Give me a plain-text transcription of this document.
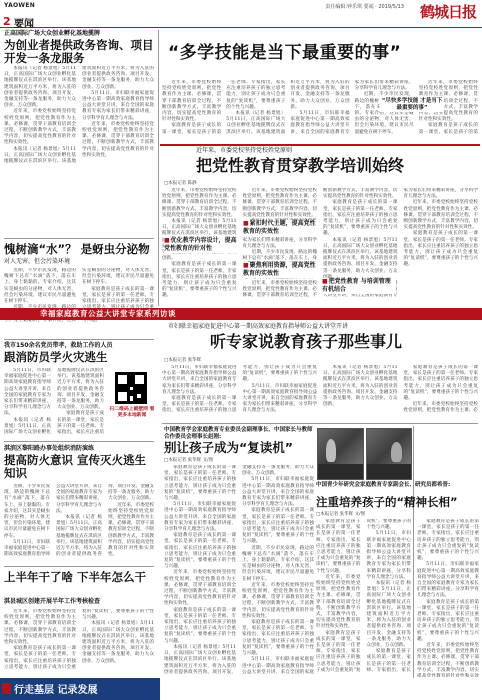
YAOWEN	责任编辑:钟乐琪 要闻 · 2019/5/13 鹤城日报
2 要闻
正高国际广场大众创业孵化基地揽牌
为创业者提供政务咨询、项目开发一条龙服务
本报讯（记者 杨景旭）5月11日，正高国际广场大众创业孵化基地揽牌仪式在淇滨区举行。该基地建筑面积近万平方米，将为入驻的创业者提供政务咨询、项目开发、金融支持等一条龙服务，助力大众创业、万众创新。
近年来，市委党校始终坚持党校姓党原则，把党性教育作为主课、必修课，贯穿干部教育培训全过程，不断创新教学方式，丰富教学内容，切实提高党性教育的针对性和实效性。
本报讯（记者 杨景旭）5月11日，正高国际广场大众创业孵化基地揽牌仪式在淇滨区举行。该基地建筑面积近万平方米，将为入驻的创业者提供政务咨询、项目开发、金融支持等一条龙服务，助力大众创业、万众创新。
5月11日，市妇联幸福家庭促进中心第一期高效家庭教育指导师公益大讲堂开讲，来自全国的家庭教育专家为家长们带来精彩讲座，分享科学育儿理念与方法。
近年来，市委党校始终坚持党校姓党原则，把党性教育作为主课、必修课，贯穿干部教育培训全过程，不断创新教学方式，丰富教学内容，切实提高党性教育的针对性和实效性。
愧树滴“水”？ 是蚜虫分泌物
对人无害，但会污染环境
近期，不少市民发现，路边的槐树下总有“水滴”落下，落在车上、身上黏黏的。专家介绍，这其实是蚜虫的分泌物，对人体无害，但会污染环境，建议市民尽量避免在树下停车。
近期，不少市民发现，路边的槐树下总有“水滴”落下，落在车上、身上黏黏的。专家介绍，这其实是蚜虫的分泌物，对人体无害，但会污染环境，建议市民尽量避免在树下停车。
家庭教育是孩子成长的第一课堂，家长是孩子的第一任老师。专家指出，家长应注重培养孩子的独立思考能力，别让孩子成为只会重复的“复读机”，要尊重孩子的个性与兴趣。
我市150余名党员带孝，救助工作的人员
跟消防员学火灾逃生
5月11日，市妇联幸福家庭促进中心第一期高效家庭教育指导师公益大讲堂开讲，来自全国的家庭教育专家为家长们带来精彩讲座，分享科学育儿理念与方法。
本报讯（记者 杨景旭）5月11日，正高国际广场大众创业孵化基地揽牌仪式在淇滨区举行。该基地建筑面积近万平方米，将为入驻的创业者提供政务咨询、项目开发、金融支持等一条龙服务，助力大众创业、万众创新。
家庭教育是孩子成长的第一课堂，家长是孩子的第一任老师。专家指出，家长应注重培养孩子的独立思考能力，别让孩子成为只会重复的“复读机”，要尊重孩子的个性与兴趣。
扫二维码上鹤壁网 看更多本地新闻
淇滨区黎阳路办事处组织消防演练
提高防火意识 宣传灭火逃生知识
近期，不少市民发现，路边的槐树下总有“水滴”落下，落在车上、身上黏黏的。专家介绍，这其实是蚜虫的分泌物，对人体无害，但会污染环境，建议市民尽量避免在树下停车。
5月11日，市妇联幸福家庭促进中心第一期高效家庭教育指导师公益大讲堂开讲，来自全国的家庭教育专家为家长们带来精彩讲座，分享科学育儿理念与方法。
本报讯（记者 杨景旭）5月11日，正高国际广场大众创业孵化基地揽牌仪式在淇滨区举行。该基地建筑面积近万平方米，将为入驻的创业者提供政务咨询、项目开发、金融支持等一条龙服务，助力大众创业、万众创新。
近年来，市委党校始终坚持党校姓党原则，把党性教育作为主课、必修课，贯穿干部教育培训全过程，不断创新教学方式，丰富教学内容，切实提高党性教育的针对性和实效性。
上半年干了啥 下半年怎么干
淇县城区创建开展半年工作考核检查
近年来，市委党校始终坚持党校姓党原则，把党性教育作为主课、必修课，贯穿干部教育培训全过程，不断创新教学方式，丰富教学内容，切实提高党性教育的针对性和实效性。
家庭教育是孩子成长的第一课堂，家长是孩子的第一任老师。专家指出，家长应注重培养孩子的独立思考能力，别让孩子成为只会重复的“复读机”，要尊重孩子的个性与兴趣。
本报讯（记者 杨景旭）5月11日，正高国际广场大众创业孵化基地揽牌仪式在淇滨区举行。该基地建筑面积近万平方米，将为入驻的创业者提供政务咨询、项目开发、金融支持等一条龙服务，助力大众创业、万众创新。
“多学技能是当下最重要的事”
近年来，市委党校始终坚持党校姓党原则，把党性教育作为主课、必修课，贯穿干部教育培训全过程，不断创新教学方式，丰富教学内容，切实提高党性教育的针对性和实效性。
家庭教育是孩子成长的第一课堂，家长是孩子的第一任老师。专家指出，家长应注重培养孩子的独立思考能力，别让孩子成为只会重复的“复读机”，要尊重孩子的个性与兴趣。
本报讯（记者 杨景旭）5月11日，正高国际广场大众创业孵化基地揽牌仪式在淇滨区举行。该基地建筑面积近万平方米，将为入驻的创业者提供政务咨询、项目开发、金融支持等一条龙服务，助力大众创业、万众创新。
5月11日，市妇联幸福家庭促进中心第一期高效家庭教育指导师公益大讲堂开讲，来自全国的家庭教育专家为家长们带来精彩讲座，分享科学育儿理念与方法。
近期，不少市民发现，路边的槐树下总有“水滴”落下，落在车上、身上黏黏的。专家介绍，这其实是蚜虫的分泌物，对人体无害，但会污染环境，建议市民尽量避免在树下停车。
近年来，市委党校始终坚持党校姓党原则，把党性教育作为主课、必修课，贯穿干部教育培训全过程，不断创新教学方式，丰富教学内容，切实提高党性教育的针对性和实效性。
家庭教育是孩子成长的第一课堂，家长是孩子的第一任老师。专家指出，家长应注重培养孩子的独立思考能力，别让孩子成为只会重复的“复读机”，要尊重孩子的个性与兴趣。
“尽快多学技能 才是当下最重要的事”
近年来，市委党校坚持党校姓党原则
把党性教育贯穿教学培训始终
□本报记者 陈静
近年来，市委党校始终坚持党校姓党原则，把党性教育作为主课、必修课，贯穿干部教育培训全过程，不断创新教学方式，丰富教学内容，切实提高党性教育的针对性和实效性。
本报讯（记者 杨景旭）5月11日，正高国际广场大众创业孵化基地揽牌仪式在淇滨区举行。该基地建筑面积近万平方米，将为入驻的创业者提供政务咨询、项目开发、金融支持等一条龙服务，助力大众创业、万众创新。
家庭教育是孩子成长的第一课堂，家长是孩子的第一任老师。专家指出，家长应注重培养孩子的独立思考能力，别让孩子成为只会重复的“复读机”，要尊重孩子的个性与兴趣。
近年来，市委党校始终坚持党校姓党原则，把党性教育作为主课、必修课，贯穿干部教育培训全过程，不断创新教学方式，丰富教学内容，切实提高党性教育的针对性和实效性。
5月11日，市妇联幸福家庭促进中心第一期高效家庭教育指导师公益大讲堂开讲，来自全国的家庭教育专家为家长们带来精彩讲座，分享科学育儿理念与方法。
近期，不少市民发现，路边的槐树下总有“水滴”落下，落在车上、身上黏黏的。专家介绍，这其实是蚜虫的分泌物，对人体无害，但会污染环境，建议市民尽量避免在树下停车。
近年来，市委党校始终坚持党校姓党原则，把党性教育作为主课、必修课，贯穿干部教育培训全过程，不断创新教学方式，丰富教学内容，切实提高党性教育的针对性和实效性。
家庭教育是孩子成长的第一课堂，家长是孩子的第一任老师。专家指出，家长应注重培养孩子的独立思考能力，别让孩子成为只会重复的“复读机”，要尊重孩子的个性与兴趣。
本报讯（记者 杨景旭）5月11日，正高国际广场大众创业孵化基地揽牌仪式在淇滨区举行。该基地建筑面积近万平方米，将为入驻的创业者提供政务咨询、项目开发、金融支持等一条龙服务，助力大众创业、万众创新。
5月11日，市妇联幸福家庭促进中心第一期高效家庭教育指导师公益大讲堂开讲，来自全国的家庭教育专家为家长们带来精彩讲座，分享科学育儿理念与方法。
近年来，市委党校始终坚持党校姓党原则，把党性教育作为主课、必修课，贯穿干部教育培训全过程，不断创新教学方式，丰富教学内容，切实提高党性教育的针对性和实效性。
家庭教育是孩子成长的第一课堂，家长是孩子的第一任老师。专家指出，家长应注重培养孩子的独立思考能力，别让孩子成为只会重复的“复读机”，要尊重孩子的个性与兴趣。
■优化教学内容设计，提高党性教育的针对性
■紧扣时代主题，提高党性教育的实效性
■聚焦利用资源，提高党性教育的实效性
■把党性教育 与培训管理有机结合
幸福家庭教育公益大讲堂专家系列访谈
市妇联幸福家庭促进中心第一期高效家庭教育指导师公益大讲堂开讲
听专家说教育孩子那些事儿
□本报记者 张华辉
5月11日，市妇联幸福家庭促进中心第一期高效家庭教育指导师公益大讲堂开讲，来自全国的家庭教育专家为家长们带来精彩讲座，分享科学育儿理念与方法。
家庭教育是孩子成长的第一课堂，家长是孩子的第一任老师。专家指出，家长应注重培养孩子的独立思考能力，别让孩子成为只会重复的“复读机”，要尊重孩子的个性与兴趣。
5月11日，市妇联幸福家庭促进中心第一期高效家庭教育指导师公益大讲堂开讲，来自全国的家庭教育专家为家长们带来精彩讲座，分享科学育儿理念与方法。
本报讯（记者 杨景旭）5月11日，正高国际广场大众创业孵化基地揽牌仪式在淇滨区举行。该基地建筑面积近万平方米，将为入驻的创业者提供政务咨询、项目开发、金融支持等一条龙服务，助力大众创业、万众创新。
家庭教育是孩子成长的第一课堂，家长是孩子的第一任老师。专家指出，家长应注重培养孩子的独立思考能力，别让孩子成为只会重复的“复读机”，要尊重孩子的个性与兴趣。
近年来，市委党校始终坚持党校姓党原则，把党性教育作为主课、必修课，贯穿干部教育培训全过程，不断创新教学方式，丰富教学内容，切实提高党性教育的针对性和实效性。
中国教育学会家庭教育专业委员会副理事长、中国家长与教师合作委员会理事长赵刚:
别让孩子成为“复读机”
□本报记者 张华辉 文/图
家庭教育是孩子成长的第一课堂，家长是孩子的第一任老师。专家指出，家长应注重培养孩子的独立思考能力，别让孩子成为只会重复的“复读机”，要尊重孩子的个性与兴趣。
5月11日，市妇联幸福家庭促进中心第一期高效家庭教育指导师公益大讲堂开讲，来自全国的家庭教育专家为家长们带来精彩讲座，分享科学育儿理念与方法。
家庭教育是孩子成长的第一课堂，家长是孩子的第一任老师。专家指出，家长应注重培养孩子的独立思考能力，别让孩子成为只会重复的“复读机”，要尊重孩子的个性与兴趣。
近年来，市委党校始终坚持党校姓党原则，把党性教育作为主课、必修课，贯穿干部教育培训全过程，不断创新教学方式，丰富教学内容，切实提高党性教育的针对性和实效性。
家庭教育是孩子成长的第一课堂，家长是孩子的第一任老师。专家指出，家长应注重培养孩子的独立思考能力，别让孩子成为只会重复的“复读机”，要尊重孩子的个性与兴趣。
本报讯（记者 杨景旭）5月11日，正高国际广场大众创业孵化基地揽牌仪式在淇滨区举行。该基地建筑面积近万平方米，将为入驻的创业者提供政务咨询、项目开发、金融支持等一条龙服务，助力大众创业、万众创新。
5月11日，市妇联幸福家庭促进中心第一期高效家庭教育指导师公益大讲堂开讲，来自全国的家庭教育专家为家长们带来精彩讲座，分享科学育儿理念与方法。
家庭教育是孩子成长的第一课堂，家长是孩子的第一任老师。专家指出，家长应注重培养孩子的独立思考能力，别让孩子成为只会重复的“复读机”，要尊重孩子的个性与兴趣。
近期，不少市民发现，路边的槐树下总有“水滴”落下，落在车上、身上黏黏的。专家介绍，这其实是蚜虫的分泌物，对人体无害，但会污染环境，建议市民尽量避免在树下停车。
近年来，市委党校始终坚持党校姓党原则，把党性教育作为主课、必修课，贯穿干部教育培训全过程，不断创新教学方式，丰富教学内容，切实提高党性教育的针对性和实效性。
家庭教育是孩子成长的第一课堂，家长是孩子的第一任老师。专家指出，家长应注重培养孩子的独立思考能力，别让孩子成为只会重复的“复读机”，要尊重孩子的个性与兴趣。
5月11日，市妇联幸福家庭促进中心第一期高效家庭教育指导师公益大讲堂开讲，来自全国的家庭教育专家为家长们带来精彩讲座，分享科学育儿理念与方法。
中国青少年研究会家庭教育专家副会长、研究员都希晋:
注重培养孩子的“精神长相”
□本报记者 张华辉 文/图
家庭教育是孩子成长的第一课堂，家长是孩子的第一任老师。专家指出，家长应注重培养孩子的独立思考能力，别让孩子成为只会重复的“复读机”，要尊重孩子的个性与兴趣。
近年来，市委党校始终坚持党校姓党原则，把党性教育作为主课、必修课，贯穿干部教育培训全过程，不断创新教学方式，丰富教学内容，切实提高党性教育的针对性和实效性。
家庭教育是孩子成长的第一课堂，家长是孩子的第一任老师。专家指出，家长应注重培养孩子的独立思考能力，别让孩子成为只会重复的“复读机”，要尊重孩子的个性与兴趣。
5月11日，市妇联幸福家庭促进中心第一期高效家庭教育指导师公益大讲堂开讲，来自全国的家庭教育专家为家长们带来精彩讲座，分享科学育儿理念与方法。
本报讯（记者 杨景旭）5月11日，正高国际广场大众创业孵化基地揽牌仪式在淇滨区举行。该基地建筑面积近万平方米，将为入驻的创业者提供政务咨询、项目开发、金融支持等一条龙服务，助力大众创业、万众创新。
家庭教育是孩子成长的第一课堂，家长是孩子的第一任老师。专家指出，家长应注重培养孩子的独立思考能力，别让孩子成为只会重复的“复读机”，要尊重孩子的个性与兴趣。
家庭教育是孩子成长的第一课堂，家长是孩子的第一任老师。专家指出，家长应注重培养孩子的独立思考能力，别让孩子成为只会重复的“复读机”，要尊重孩子的个性与兴趣。
5月11日，市妇联幸福家庭促进中心第一期高效家庭教育指导师公益大讲堂开讲，来自全国的家庭教育专家为家长们带来精彩讲座，分享科学育儿理念与方法。
家庭教育是孩子成长的第一课堂，家长是孩子的第一任老师。专家指出，家长应注重培养孩子的独立思考能力，别让孩子成为只会重复的“复读机”，要尊重孩子的个性与兴趣。
近年来，市委党校始终坚持党校姓党原则，把党性教育作为主课、必修课，贯穿干部教育培训全过程，不断创新教学方式，丰富教学内容，切实提高党性教育的针对性和实效性。
行走基层 记录发展
